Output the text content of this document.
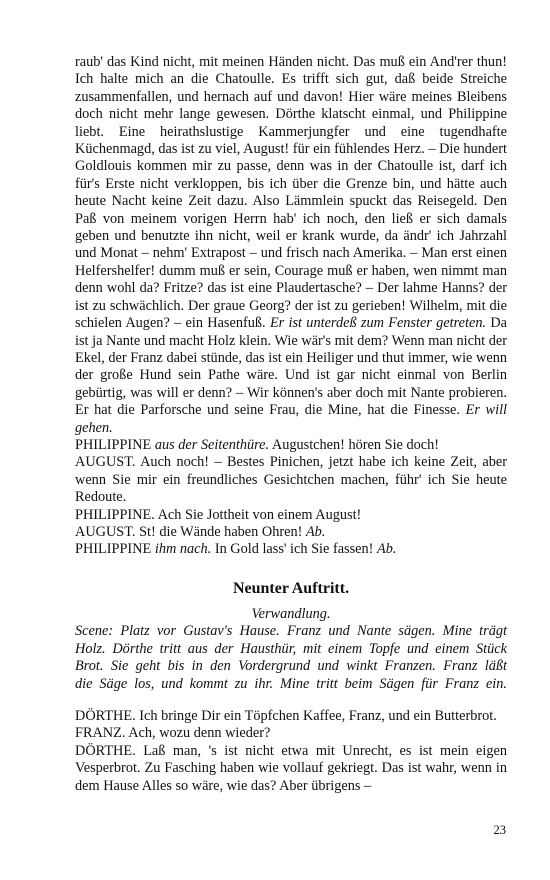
raub' das Kind nicht, mit meinen Händen nicht. Das muß ein And'rer thun! Ich halte mich an die Chatoulle. Es trifft sich gut, daß beide Streiche zusammenfallen, und hernach auf und davon! Hier wäre meines Bleibens doch nicht mehr lange gewesen. Dörthe klatscht einmal, und Philippine liebt. Eine heirathslustige Kammerjungfer und eine tugendhafte Küchenmagd, das ist zu viel, August! für ein fühlendes Herz. – Die hundert Goldlouis kommen mir zu passe, denn was in der Chatoulle ist, darf ich für's Erste nicht verkloppen, bis ich über die Grenze bin, und hätte auch heute Nacht keine Zeit dazu. Also Lämmlein spuckt das Reisegeld. Den Paß von meinem vorigen Herrn hab' ich noch, den ließ er sich damals geben und benutzte ihn nicht, weil er krank wurde, da ändr' ich Jahrzahl und Monat – nehm' Extrapost – und frisch nach Amerika. – Man erst einen Helfershelfer! dumm muß er sein, Courage muß er haben, wen nimmt man denn wohl da? Fritze? das ist eine Plaudertasche? – Der lahme Hanns? der ist zu schwächlich. Der graue Georg? der ist zu gerieben! Wilhelm, mit die schielen Augen? – ein Hasenfuß. Er ist unterdeß zum Fenster getreten. Da ist ja Nante und macht Holz klein. Wie wär's mit dem? Wenn man nicht der Ekel, der Franz dabei stünde, das ist ein Heiliger und thut immer, wie wenn der große Hund sein Pathe wäre. Und ist gar nicht einmal von Berlin gebürtig, was will er denn? – Wir können's aber doch mit Nante probieren. Er hat die Parforsche und seine Frau, die Mine, hat die Finesse. Er will gehen.

PHILIPPINE aus der Seitenthüre. Augustchen! hören Sie doch!

AUGUST. Auch noch! – Bestes Pinichen, jetzt habe ich keine Zeit, aber wenn Sie mir ein freundliches Gesichtchen machen, führ' ich Sie heute Redoute.

PHILIPPINE. Ach Sie Jottheit von einem August!

AUGUST. St! die Wände haben Ohren! Ab.

PHILIPPINE ihm nach. In Gold lass' ich Sie fassen! Ab.

Neunter Auftritt.
Verwandlung.
Scene: Platz vor Gustav's Hause. Franz und Nante sägen. Mine trägt
Holz. Dörthe tritt aus der Hausthür, mit einem Topfe und einem Stück
Brot. Sie geht bis in den Vordergrund und winkt Franzen. Franz läßt
die Säge los, und kommt zu ihr. Mine tritt beim Sägen für Franz ein.

DÖRTHE. Ich bringe Dir ein Töpfchen Kaffee, Franz, und ein Butterbrot.

FRANZ. Ach, wozu denn wieder?

DÖRTHE. Laß man, 's ist nicht etwa mit Unrecht, es ist mein eigen Vesperbrot. Zu Fasching haben wie vollauf gekriegt. Das ist wahr, wenn in dem Hause Alles so wäre, wie das? Aber übrigens –

23
